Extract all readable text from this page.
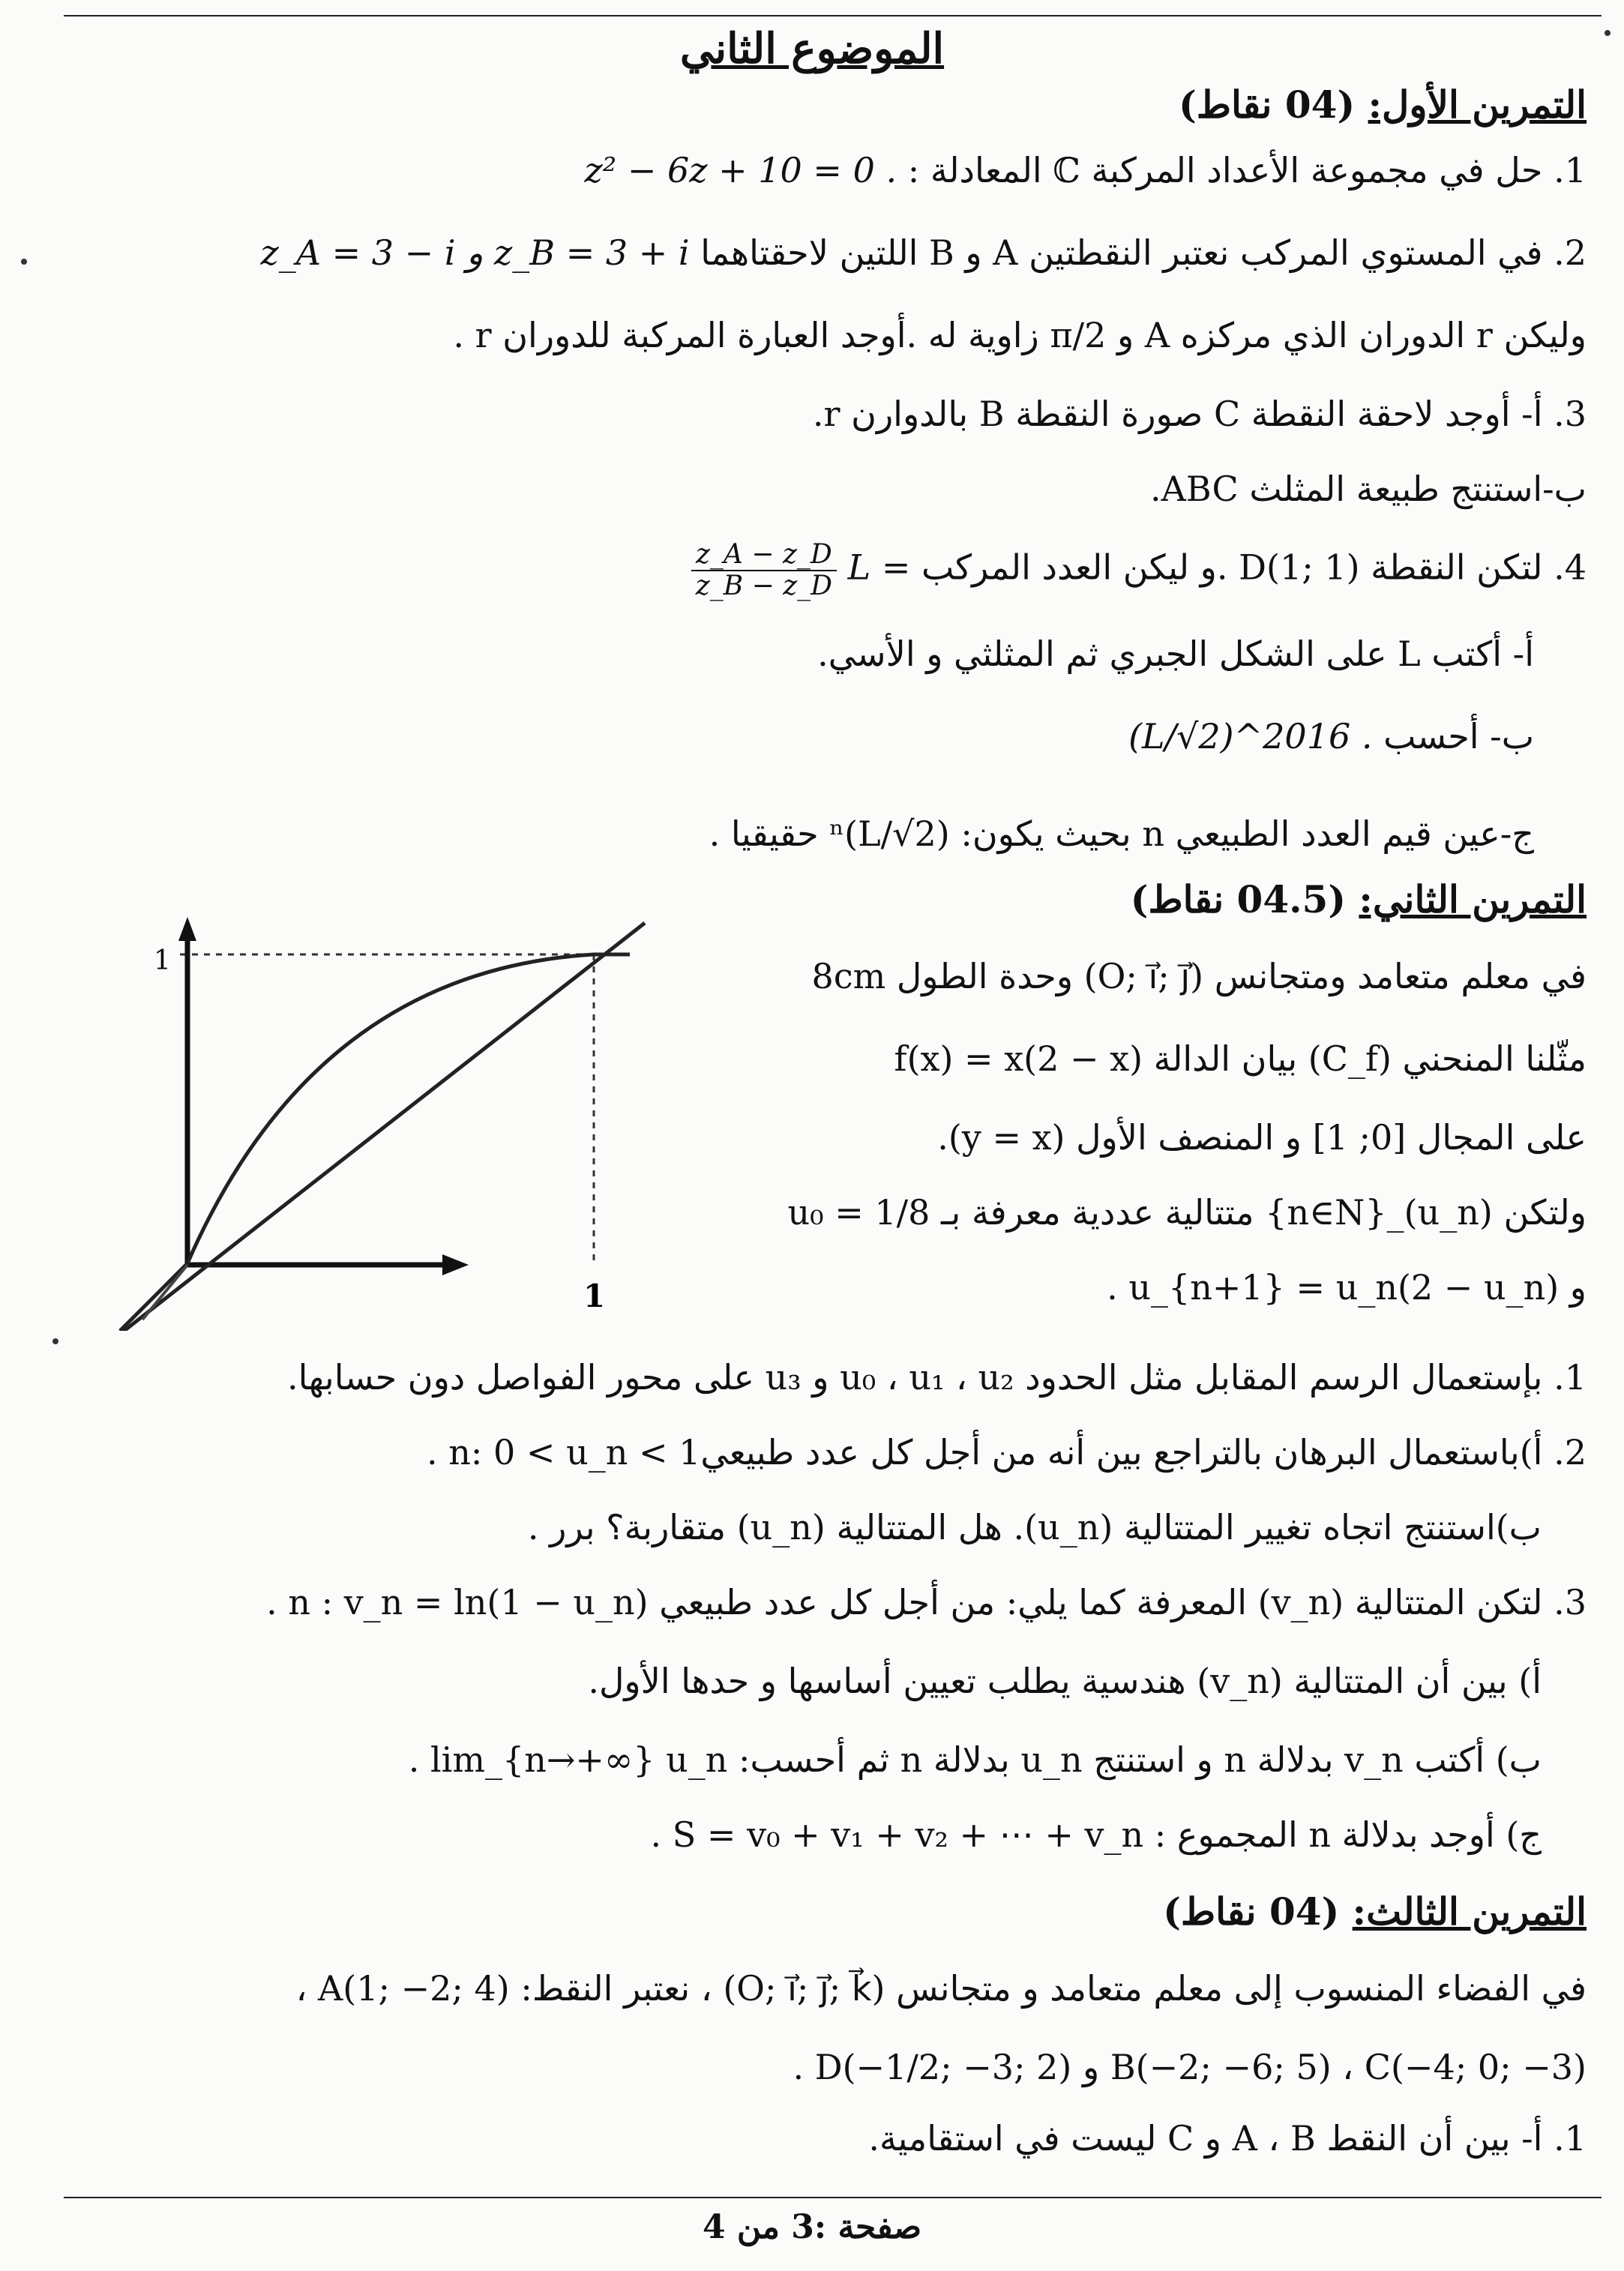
الموضوع الثاني
التمرين الأول: (04 نقاط)
1. حل في مجموعة الأعداد المركبة ℂ المعادلة : z² − 6z + 10 = 0 .
2. في المستوي المركب نعتبر النقطتين A و B اللتين لاحقتاهما z_A = 3 − i و z_B = 3 + i
وليكن r الدوران الذي مركزه A و π/2 زاوية له .أوجد العبارة المركبة للدوران r .
3. أ- أوجد لاحقة النقطة C صورة النقطة B بالدوارن r.
ب-استنتج طبيعة المثلث ABC.
4. لتكن النقطة D(1; 1) .و ليكن العدد المركب L =
$\frac{z\_A - z\_D}{z\_B - z\_D}$
أ- أكتب L على الشكل الجبري ثم المثلثي و الأسي.
ب- أحسب (L/√2)^2016 .
ج-عين قيم العدد الطبيعي n بحيث يكون: (L/√2)ⁿ حقيقيا .
التمرين الثاني: (04.5 نقاط)
في معلم متعامد ومتجانس (O; i⃗; j⃗) وحدة الطول 8cm
مثّلنا المنحني (C_f) بيان الدالة f(x) = x(2 − x)
على المجال [0; 1] و المنصف الأول (y = x).
ولتكن (u_n)_{n∈N} متتالية عددية معرفة بـ u₀ = 1/8
و u_{n+1} = u_n(2 − u_n) .
1
1
1. بإستعمال الرسم المقابل مثل الحدود u₀ ، u₁ ، u₂ و u₃ على محور الفواصل دون حسابها.
2. أ)باستعمال البرهان بالتراجع بين أنه من أجل كل عدد طبيعيn: 0 < u_n < 1 .
ب)استنتج اتجاه تغيير المتتالية (u_n). هل المتتالية (u_n) متقاربة؟ برر .
3. لتكن المتتالية (v_n) المعرفة كما يلي: من أجل كل عدد طبيعي n : v_n = ln(1 − u_n) .
أ) بين أن المتتالية (v_n) هندسية يطلب تعيين أساسها و حدها الأول.
ب) أكتب v_n بدلالة n و استنتج u_n بدلالة n ثم أحسب: lim_{n→+∞} u_n .
ج) أوجد بدلالة n المجموع : S = v₀ + v₁ + v₂ + ⋯ + v_n .
التمرين الثالث: (04 نقاط)
في الفضاء المنسوب إلى معلم متعامد و متجانس (O; i⃗; j⃗; k⃗) ، نعتبر النقط: A(1; −2; 4) ،
B(−2; −6; 5) ، C(−4; 0; −3) و D(−1/2; −3; 2) .
1. أ- بين أن النقط A ، B و C ليست في استقامية.
صفحة :3 من 4
